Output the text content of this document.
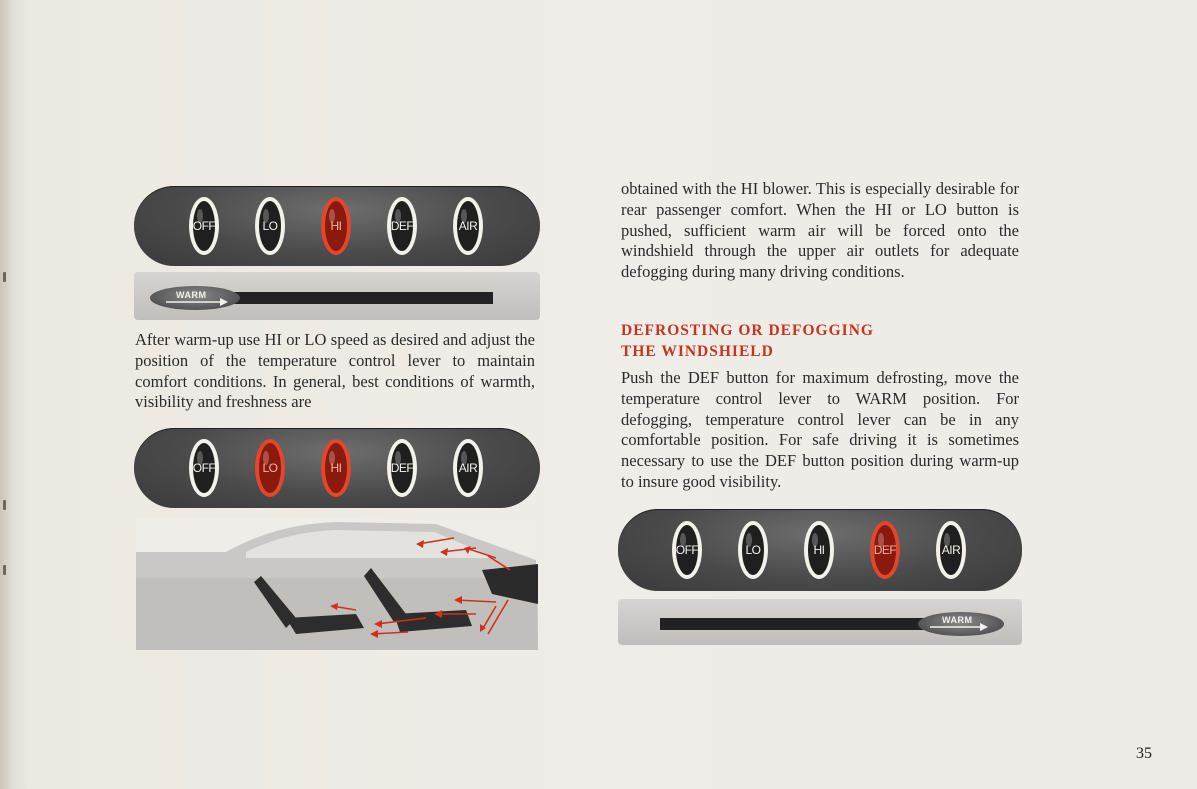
OFF	LO	HI	DEF	AIR
WARM

After warm-up use HI or LO speed as desired and adjust the position of the temperature control lever to maintain comfort conditions. In general, best conditions of warmth, visibility and freshness are

OFF	LO	HI	DEF	AIR

obtained with the HI blower. This is especially desirable for rear passenger comfort. When the HI or LO button is pushed, sufficient warm air will be forced onto the windshield through the upper air outlets for adequate defogging during many driving conditions.

DEFROSTING OR DEFOGGING
THE WINDSHIELD

Push the DEF button for maximum defrosting, move the temperature control lever to WARM position. For defogging, temperature control lever can be in any comfortable position. For safe driving it is sometimes necessary to use the DEF button position during warm-up to insure good visibility.

OFF	LO	HI	DEF	AIR
WARM
35
